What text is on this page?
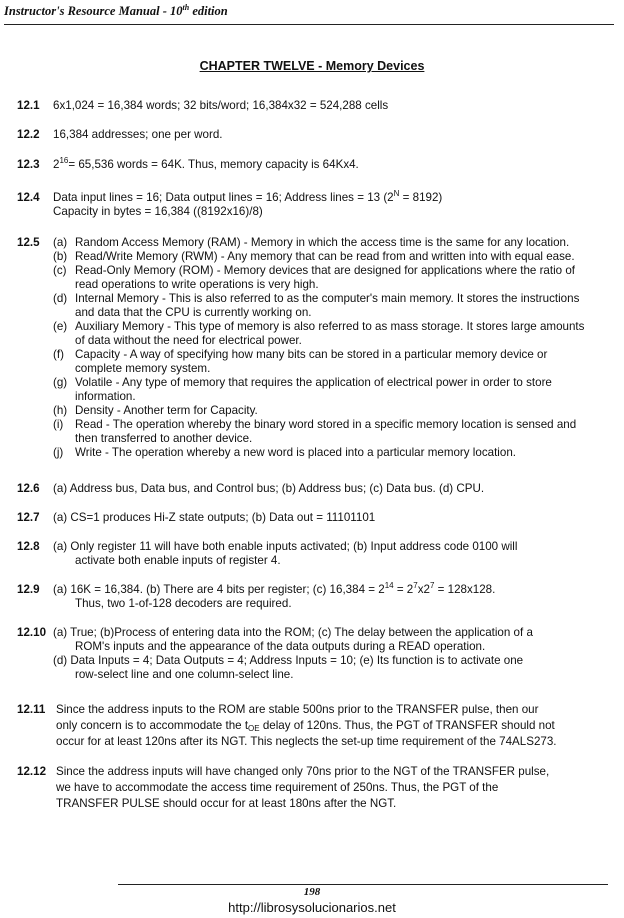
Instructor's Resource Manual - 10th edition
CHAPTER TWELVE - Memory Devices
12.1	6x1,024 = 16,384 words; 32 bits/word; 16,384x32 = 524,288 cells
12.2	16,384 addresses; one per word.
12.3	$2^{16}= 65,536$ words = 64K. Thus, memory capacity is 64Kx4.
12.4	Data input lines = 16; Data output lines = 16; Address lines = 13 $(2^N = 8192)$
Capacity in bytes = 16,384 ((8192x16)/8)
12.5	(a) Random Access Memory (RAM) - Memory in which the access time is the same for any location.
(b) Read/Write Memory (RWM) - Any memory that can be read from and written into with equal ease.
(c) Read-Only Memory (ROM) - Memory devices that are designed for applications where the ratio of read operations to write operations is very high.
(d) Internal Memory - This is also referred to as the computer's main memory. It stores the instructions and data that the CPU is currently working on.
(e) Auxiliary Memory - This type of memory is also referred to as mass storage. It stores large amounts of data without the need for electrical power.
(f) Capacity - A way of specifying how many bits can be stored in a particular memory device or complete memory system.
(g) Volatile - Any type of memory that requires the application of electrical power in order to store information.
(h) Density - Another term for Capacity.
(i)	Read - The operation whereby the binary word stored in a specific memory location is sensed and then transferred to another device.
(j)	Write - The operation whereby a new word is placed into a particular memory location.
12.6	(a) Address bus, Data bus, and Control bus; (b) Address bus; (c) Data bus. (d) CPU.
12.7	(a) CS=1 produces Hi-Z state outputs; (b) Data out = 11101101
12.8	(a) Only register 11 will have both enable inputs activated; (b) Input address code 0100 will
activate both enable inputs of register 4.
12.9	(a) 16K = 16,384. (b) There are 4 bits per register; (c) $16,384 = 2^{14} = 2^7x2^7 = 128x128$.
Thus, two 1-of-128 decoders are required.
12.10 (a) True; (b)Process of entering data into the ROM; (c) The delay between the application of a
ROM's inputs and the appearance of the data outputs during a READ operation.
(d) Data Inputs = 4; Data Outputs = 4; Address Inputs = 10; (e) Its function is to activate one
row-select line and one column-select line.
12.11 Since the address inputs to the ROM are stable 500ns prior to the TRANSFER pulse, then our
only concern is to accommodate the $t_{OE}$ delay of 120ns. Thus, the PGT of TRANSFER should not
occur for at least 120ns after its NGT. This neglects the set-up time requirement of the 74ALS273.
12.12 Since the address inputs will have changed only 70ns prior to the NGT of the TRANSFER pulse,
we have to accommodate the access time requirement of 250ns. Thus, the PGT of the
TRANSFER PULSE should occur for at least 180ns after the NGT.
198
http://librosysolucionarios.net
